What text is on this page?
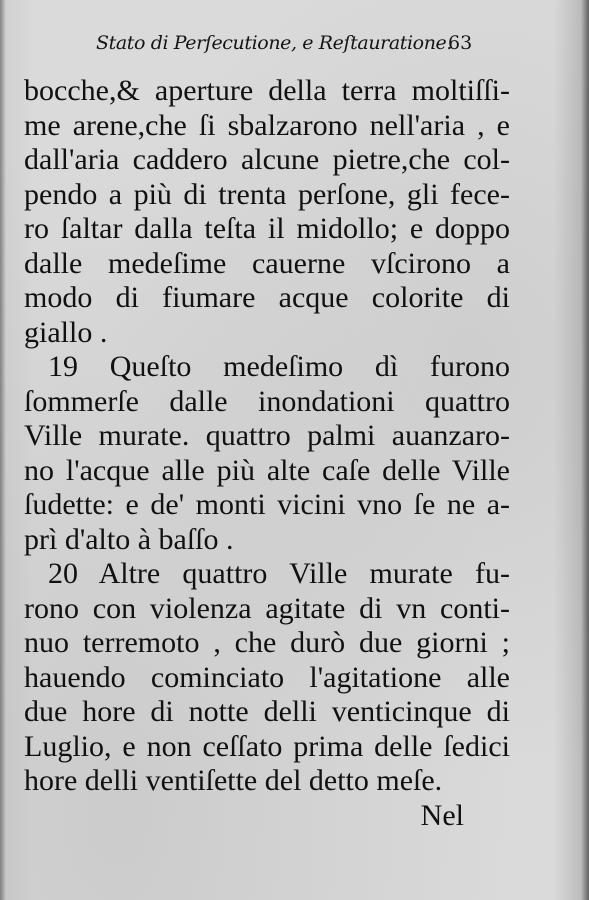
Stato di Perſecutione, e Reſtauratione.
63
bocche,& aperture della terra moltiſſi-
me arene,che ſi sbalzarono nell'aria , e
dall'aria caddero alcune pietre,che col-
pendo a più di trenta perſone, gli fece-
ro ſaltar dalla teſta il midollo; e doppo
dalle medeſime cauerne vſcirono a
modo di fiumare acque colorite di
giallo .
19 Queſto medeſimo dì furono
ſommerſe dalle inondationi quattro
Ville murate. quattro palmi auanzaro-
no l'acque alle più alte caſe delle Ville
ſudette: e de' monti vicini vno ſe ne a-
prì d'alto à baſſo .
20 Altre quattro Ville murate fu-
rono con violenza agitate di vn conti-
nuo terremoto , che durò due giorni ;
hauendo cominciato l'agitatione alle
due hore di notte delli venticinque di
Luglio, e non ceſſato prima delle ſedici
hore delli ventiſette del detto meſe.
Nel
